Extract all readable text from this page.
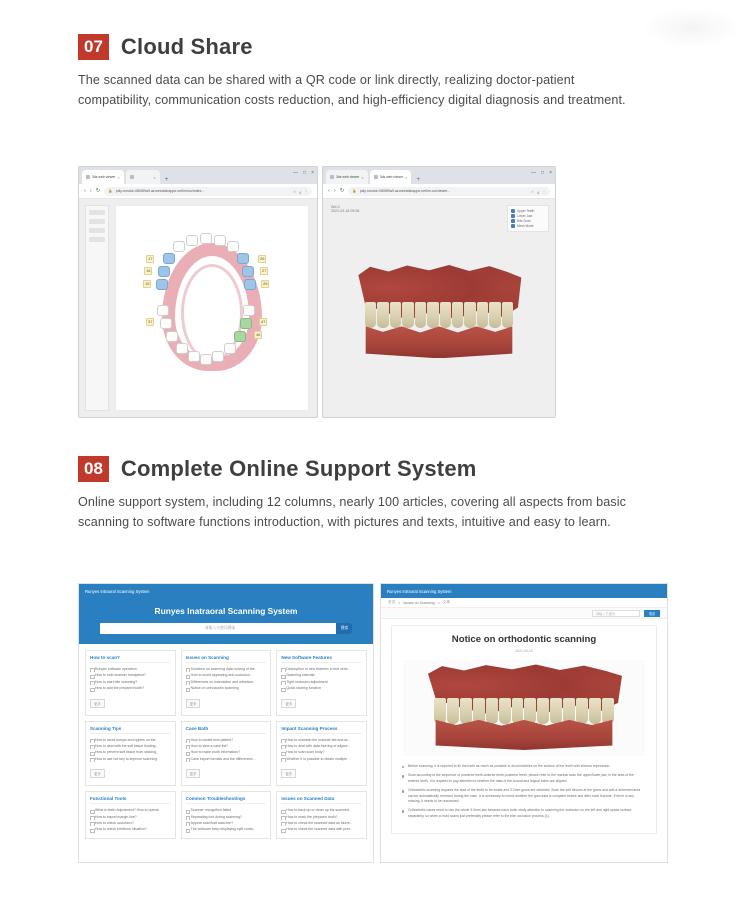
07 Cloud Share
The scanned data can be shared with a QR code or link directly, realizing doctor-patient compatibility, communication costs reduction, and high-efficiency digital diagnosis and treatment.
3ds web viewer ×	×	+
— □ ×
‹ › ↻ 🔒 jolly-smoke-0806f9a9.azurestaticapps.net/en/us/index...	☆ ⤓ ⋮
17
16
15
26
27
28
47
46
37
3ds web viewer ×	3ds web viewer ×	+
— □ ×
‹ › ↻ 🔒 jolly-smoke-0806f9a9.azurestaticapps.net/en-us/viewer...	☆ ⤓ ⋮
Wd-0
2021-03-18 09:36	Upper Teeth
Lower Jaw
Bite Scan
Mesh Mode
08 Complete Online Support System
Online support system, including 12 columns, nearly 100 articles, covering all aspects from basic scanning to software functions introduction, with pictures and texts, intuitive and easy to learn.
Runyes Intraoral Scanning System
Runyes Inatraoral Scanning System
请输入关键词搜索	搜索
How to scan?
Runyes software operation
How to hold scanner handpiece?
How to start bite scanning?
How to add the prepared tooth?
更多
Issues on Scanning
Solutions on scanning data moving of the..
How to avoid appearing anti-occlusion..
Differences on indentation and adhesion..
Notice on orthodontic scanning
更多
New Software Features
Description of new features in trial versi..
Scanning intervals
Tight occlusion adjustment
Quick sharing function
更多
Scanning Tips
How to avoid bumps and ripples on the..
How to deal with the soft tissue floating..
How to prevent soft tissue from sticking..
How to use hot key to improve scanning..
更多
Case Bath
How to create new patient?
How to view a case list?
How to make tooth information?
Case export formats and the differences ..
更多
Impant Scanning Process
How to maintain the scanner tab and ac..
How to deal with data blurring of adjace..
How to scan scan body?
Whether it is possible to obtain multiple ..
更多
Functional Tools
What is teeth Adjustment? How to operat..
How to import margin line?
How to check occlusion?
How to check evidence situation?
Common Troubleshootings
Scanner recognition failed
Separating tool during scanning?
Appear scan/halt data line?
The software keep displaying split conta..
Issues on Scanned Data
How to back up or clean up the scanned..
How to mark the prepared tooth?
How to check the scanned data as blurre..
How to check the scanned data with prev..
Runyes Intraoral Scanning System
首页 > Issues on Scanning > 文章
请输入关键词	搜索
Notice on orthodontic scanning
2021-03-18

Before scanning, it is required to fix the tooth as much as possible to avoid bubbles on the surface of the teeth with silicone impression.

Scan according to the sequence of posterior teeth-anterior teeth-posterior teeth, please refer to the manual scan the upper/lower jaw; in the area of the anterior teeth, it is required to pay attention to whether the data of the buccal and lingual sides are aligned.

Orthodontic scanning requires the lead of the teeth to be inside and 3.0mm gums are obtained. Scan the soft tissues at the gums and add a deformed area can be automatically removed during the scan. It is necessary to check whether the gum data is complete before and after each fracture. If there is any missing, it needs to be rescanned.

Orthodontic cases need to use the whole 3.0mm jaw because each tooth study attention to scanning the occlusion on the left and right space surface separately, so when a mold scans just preferably please refer to the bite occlusion process (1).
